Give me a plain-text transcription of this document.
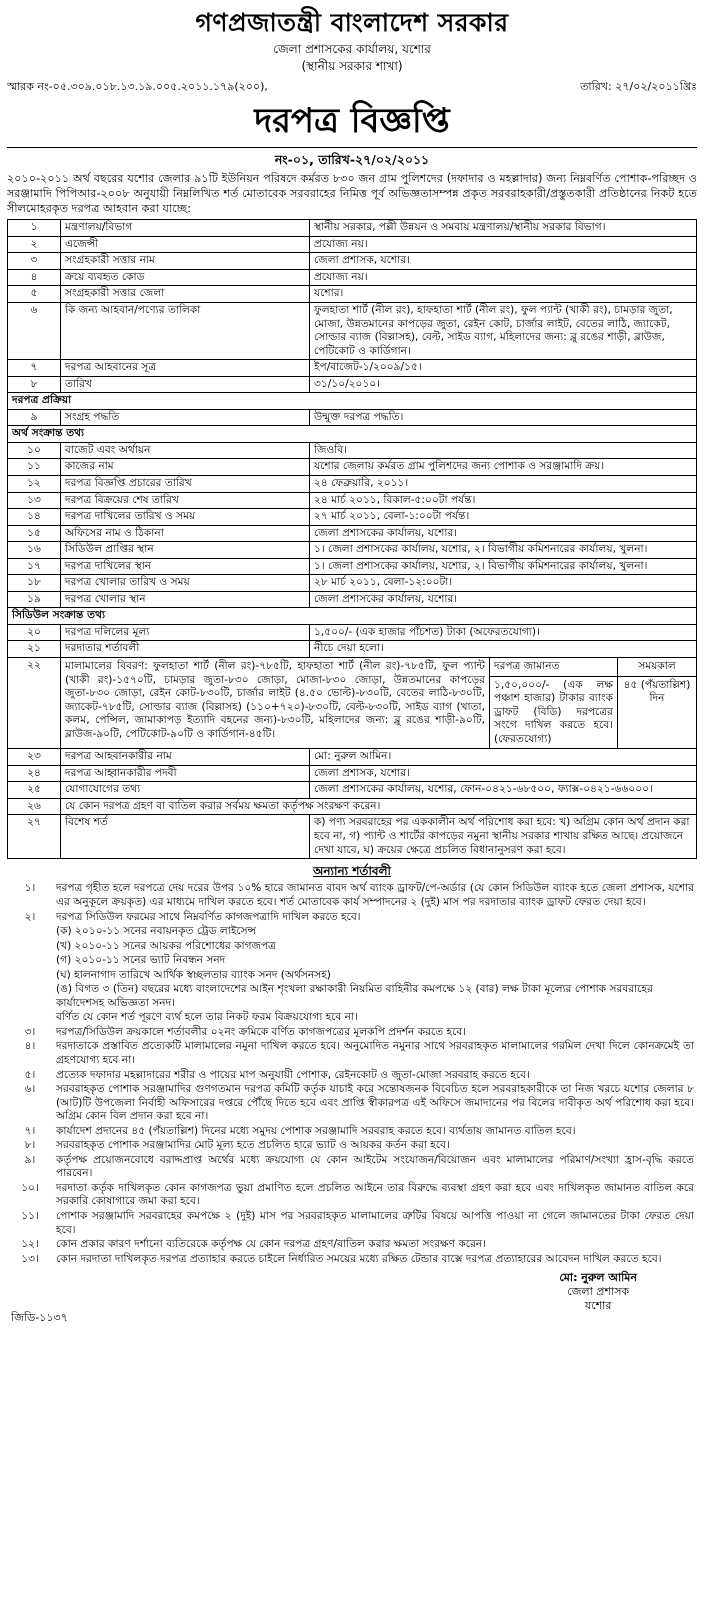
গণপ্রজাতন্ত্রী বাংলাদেশ সরকার
জেলা প্রশাসকের কার্যালয়, যশোর
(স্থানীয় সরকার শাখা)
স্মারক নং-০৫.৩০৯.০১৮.১৩.১৯.০০৫.২০১১.১৭৯(২০০),	তারিখ: ২৭/০২/২০১১খ্রিঃ
দরপত্র বিজ্ঞপ্তি
নং-০১, তারিখ-২৭/০২/২০১১
২০১০-২০১১ অর্থ বছরের যশোর জেলার ৯১টি ইউনিয়ন পরিষদে কর্মরত ৮৩০ জন গ্রাম পুলিশদের (দফাদার ও মহল্লাদার) জন্য নিম্নবর্ণিত পোশাক-পরিচ্ছদ ও সরঞ্জামাদি পিপিআর-২০০৮ অনুযায়ী নিম্নলিখিত শর্ত মোতাবেক সরবরাহের নিমিত্ত পূর্ব অভিজ্ঞতাসম্পন্ন প্রকৃত সরবরাহকারী/প্রস্তুতকারী প্রতিষ্ঠানের নিকট হতে সীলমোহরকৃত দরপত্র আহবান করা যাচ্ছে:
১	মন্ত্রণালয়/বিভাগ	স্থানীয় সরকার, পল্লী উন্নয়ন ও সমবায় মন্ত্রণালয়/স্থানীয় সরকার বিভাগ।
২	এজেন্সী	প্রযোজ্য নয়।
৩	সংগ্রহকারী সত্তার নাম	জেলা প্রশাসক, যশোর।
৪	ক্রয়ে ব্যবহৃত কোড	প্রযোজ্য নয়।
৫	সংগ্রহকারী সত্তার জেলা	যশোর।
৬	কি জন্য আহবান/পণ্যের তালিকা	ফুলহাতা শার্ট (নীল রং), হাফহাতা শার্ট (নীল রং), ফুল প্যান্ট (খাকী রং), চামড়ার জুতা, মোজা, উন্নতমানের কাপড়ের জুতা, রেইন কোট, চার্জার লাইট, বেতের লাঠি, জ্যাকেট, সোল্ডার ব্যাজ (বিল্লাসহ), বেল্ট, সাইড ব্যাগ, মহিলাদের জন্য: ব্লু রঙের শাড়ী, ব্লাউজ, পেটিকোট ও কার্ডিগান।
৭	দরপত্র আহবানের সূত্র	ইপ/বাজেট-১/২০০৯/১৫।
৮	তারিখ	৩১/১০/২০১০।
দরপত্র প্রক্রিয়া
৯	সংগ্রহ পদ্ধতি	উন্মুক্ত দরপত্র পদ্ধতি।
অর্থ সংক্রান্ত তথ্য
১০	বাজেট এবং অর্থায়ন	জিওবি।
১১	কাজের নাম	যশোর জেলায় কর্মরত গ্রাম পুলিশদের জন্য পোশাক ও সরঞ্জামাদি ক্রয়।
১২	দরপত্র বিজ্ঞপ্তি প্রচারের তারিখ	২৪ ফেব্রুয়ারি, ২০১১।
১৩	দরপত্র বিক্রয়ের শেষ তারিখ	২৪ মার্চ ২০১১, বিকাল-৫:০০টা পর্যন্ত।
১৪	দরপত্র দাখিলের তারিখ ও সময়	২৭ মার্চ ২০১১, বেলা-১:০০টা পর্যন্ত।
১৫	অফিসের নাম ও ঠিকানা	জেলা প্রশাসকের কার্যালয়, যশোর।
১৬	সিডিউল প্রাপ্তির স্থান	১। জেলা প্রশাসকের কার্যালয়, যশোর, ২। বিভাগীয় কমিশনারের কার্যালয়, খুলনা।
১৭	দরপত্র দাখিলের স্থান	১। জেলা প্রশাসকের কার্যালয়, যশোর, ২। বিভাগীয় কমিশনারের কার্যালয়, খুলনা।
১৮	দরপত্র খোলার তারিখ ও সময়	২৮ মার্চ ২০১১, বেলা-১২:০০টা।
১৯	দরপত্র খোলার স্থান	জেলা প্রশাসকের কার্যালয়, যশোর।
সিডিউল সংক্রান্ত তথ্য
২০	দরপত্র দলিলের মূল্য	১,৫০০/- (এক হাজার পাঁচশত) টাকা (অফেরতযোগ্য)।
২১	দরদাতার শর্তাবলী	নীচে দেয়া হলো।
২২	মালামালের বিবরণ: ফুলহাতা শার্ট (নীল রং)-৭৮৫টি, হাফহাতা শার্ট (নীল রং)-৭৮৫টি, ফুল প্যান্ট (খাকী রং)-১৫৭০টি, চামড়ার জুতা-৮৩০ জোড়া, মোজা-৮৩০ জোড়া, উন্নতমানের কাপড়ের জুতা-৮৩০ জোড়া, রেইন কোট-৮৩০টি, চার্জার লাইট (৪.৫০ ভোল্ট)-৮৩০টি, বেতের লাঠি-৮৩০টি, জ্যাকেট-৭৮৫টি, সোল্ডার ব্যাজ (বিল্লাসহ) (১১০+৭২০)-৮৩০টি, বেল্ট-৮৩০টি, সাইড ব্যাগ (খাতা, কলম, পেন্সিল, জামাকাপড় ইত্যাদি বহনের জন্য)-৮৩০টি, মহিলাদের জন্য: ব্লু রঙের শাড়ী-৯০টি, ব্লাউজ-৯০টি, পেটিকোট-৯০টি ও কার্ডিগান-৪৫টি।	দরপত্র জামানত	সময়কাল
১,৫০,০০০/- (এক লক্ষ পঞ্চাশ হাজার) টাকার ব্যাংক ড্রাফট (বিডি) দরপত্রের সংগে দাখিল করতে হবে। (ফেরতযোগ্য)	৪৫ (পঁয়তাল্লিশ) দিন

২৩	দরপত্র আহবানকারীর নাম	মো: নুরুল আমিন।
২৪	দরপত্র আহ্বানকারীর পদবী	জেলা প্রশাসক, যশোর।
২৫	যোগাযোগের তথ্য	জেলা প্রশাসকের কার্যালয়, যশোর, ফোন-০৪২১-৬৮৫০০, ফ্যাক্স-০৪২১-৬৬০০০।
২৬	যে কোন দরপত্র গ্রহণ বা বাতিল করার সর্বময় ক্ষমতা কর্তৃপক্ষ সংরক্ষণ করেন।
২৭	বিশেষ শর্ত	ক) পণ্য সরবরাহের পর এককালীন অর্থ পরিশোধ করা হবে: খ) অগ্রিম কোন অর্থ প্রদান করা হবে না, গ) প্যান্ট ও শার্টের কাপড়ের নমুনা স্থানীয় সরকার শাখায় রক্ষিত আছে। প্রয়োজনে দেখা যাবে, ঘ) ক্রয়ের ক্ষেত্রে প্রচলিত বিধানানুসরণ করা হবে।
অন্যান্য শর্তাবলী
১।	দরপত্র গৃহীত হলে দরপত্রে দেয় দরের উপর ১০% হারে জামানত বাবদ অর্থ ব্যাংক ড্রাফট/পে-অর্ডার (যে কোন সিডিউল ব্যাংক হতে জেলা প্রশাসক, যশোর এর অনুকূলে ক্রয়কৃত) এর মাধ্যমে দাখিল করতে হবে। শর্ত মোতাবেক কার্য সম্পাদনের ২ (দুই) মাস পর দরদাতার ব্যাংক ড্রাফট ফেরত দেয়া হবে।
২।	দরপত্র সিডিউল ফরমের সাথে নিম্নবর্ণিত কাগজপত্রাদি দাখিল করতে হবে।
	(ক) ২০১০-১১ সনের নবায়নকৃত ট্রেড লাইসেন্স
	(খ) ২০১০-১১ সনের আয়কর পরিশোধের কাগজপত্র
	(গ) ২০১০-১১ সনের ভ্যাট নিবন্ধন সনদ
	(ঘ) হালনাগাদ তারিখে আর্থিক স্বচ্ছলতার ব্যাংক সনদ (অর্থসনসহ)
	(ঙ) বিগত ৩ (তিন) বছরের মধ্যে বাংলাদেশের আইন শৃংখলা রক্ষাকারী নিয়মিত বাহিনীর কমপক্ষে ১২ (বার) লক্ষ টাকা মূল্যের পোশাক সরবরাহের কার্যাদেশসহ অভিজ্ঞতা সনদ।
	বর্ণিত যে কোন শর্ত পূরণে ব্যর্থ হলে তার নিকট ফরম বিক্রয়যোগ্য হবে না।
৩।	দরপত্র/সিডিউল ক্রয়কালে শর্তাবলীর ০২নং ক্রমিকে বর্ণিত কাগজপত্রের মূলকপি প্রদর্শন করতে হবে।
৪।	দরদাতাকে প্রস্তাবিত প্রত্যেকটি মালামালের নমুনা দাখিল করতে হবে। অনুমোদিত নমুনার সাথে সরবরাহকৃত মালামালের গরমিল দেখা দিলে কোনক্রমেই তা গ্রহণযোগ্য হবে না।
৫।	প্রত্যেক দফাদার মহল্লাদারের শরীর ও পায়ের মাপ অনুযায়ী পোশাক, রেইনকোট ও জুতা-মোজা সরবরাহ করতে হবে।
৬।	সরবরাহকৃত পোশাক সরঞ্জামাদির গুণগতমান দরপত্র কমিটি কর্তৃক যাচাই করে সন্তোষজনক বিবেচিত হলে সরবরাহকারীকে তা নিজ খরচে যশোর জেলার ৮ (আট)টি উপজেলা নির্বাহী অফিসারের দপ্তরে পৌঁছে দিতে হবে এবং প্রাপ্তি স্বীকারপত্র এই অফিসে জমাদানের পর বিলের দাবীকৃত অর্থ পরিশোধ করা হবে। অগ্রিম কোন বিল প্রদান করা হবে না।
৭।	কার্যাদেশ প্রদানের ৪৫ (পঁয়তাল্লিশ) দিনের মধ্যে সমুদয় পোশাক সরঞ্জামাদি সরবরাহ করতে হবে। ব্যর্থতায় জামানত বাতিল হবে।
৮।	সরবরাহকৃত পোশাক সরঞ্জামাদির মোট মূল্য হতে প্রচলিত হারে ভ্যাট ও আয়কর কর্তন করা হবে।
৯।	কর্তৃপক্ষ প্রয়োজনবোধে বরাদ্দপ্রাপ্ত অর্থের মধ্যে ক্রয়যোগ্য যে কোন আইটেম সংযোজন/বিয়োজন এবং মালামালের পরিমাণ/সংখ্যা হ্রাস-বৃদ্ধি করতে পারবেন।
১০।	দরদাতা কর্তৃক দাখিলকৃত কোন কাগজপত্র ভুয়া প্রমাণিত হলে প্রচলিত আইনে তার বিরুদ্ধে ব্যবস্থা গ্রহণ করা হবে এবং দাখিলকৃত জামানত বাতিল করে সরকারি কোষাগারে জমা করা হবে।
১১।	পোশাক সরঞ্জামাদি সরবরাহের কমপক্ষে ২ (দুই) মাস পর সরবরাহকৃত মালামালের ত্রুটির বিষয়ে আপত্তি পাওয়া না গেলে জামানতের টাকা ফেরত দেয়া হবে।
১২।	কোন প্রকার কারণ দর্শানো ব্যতিরেকে কর্তৃপক্ষ যে কোন দরপত্র গ্রহণ/বাতিল করার ক্ষমতা সংরক্ষণ করেন।
১৩।	কোন দরদাতা দাখিলকৃত দরপত্র প্রত্যাহার করতে চাইলে নির্ধারিত সময়ের মধ্যে রক্ষিত টেন্ডার বাক্সে দরপত্র প্রত্যাহারের আবেদন দাখিল করতে হবে।
মো: নুরুল আমিন
জেলা প্রশাসক
যশোর
জিডি-১১৩৭
